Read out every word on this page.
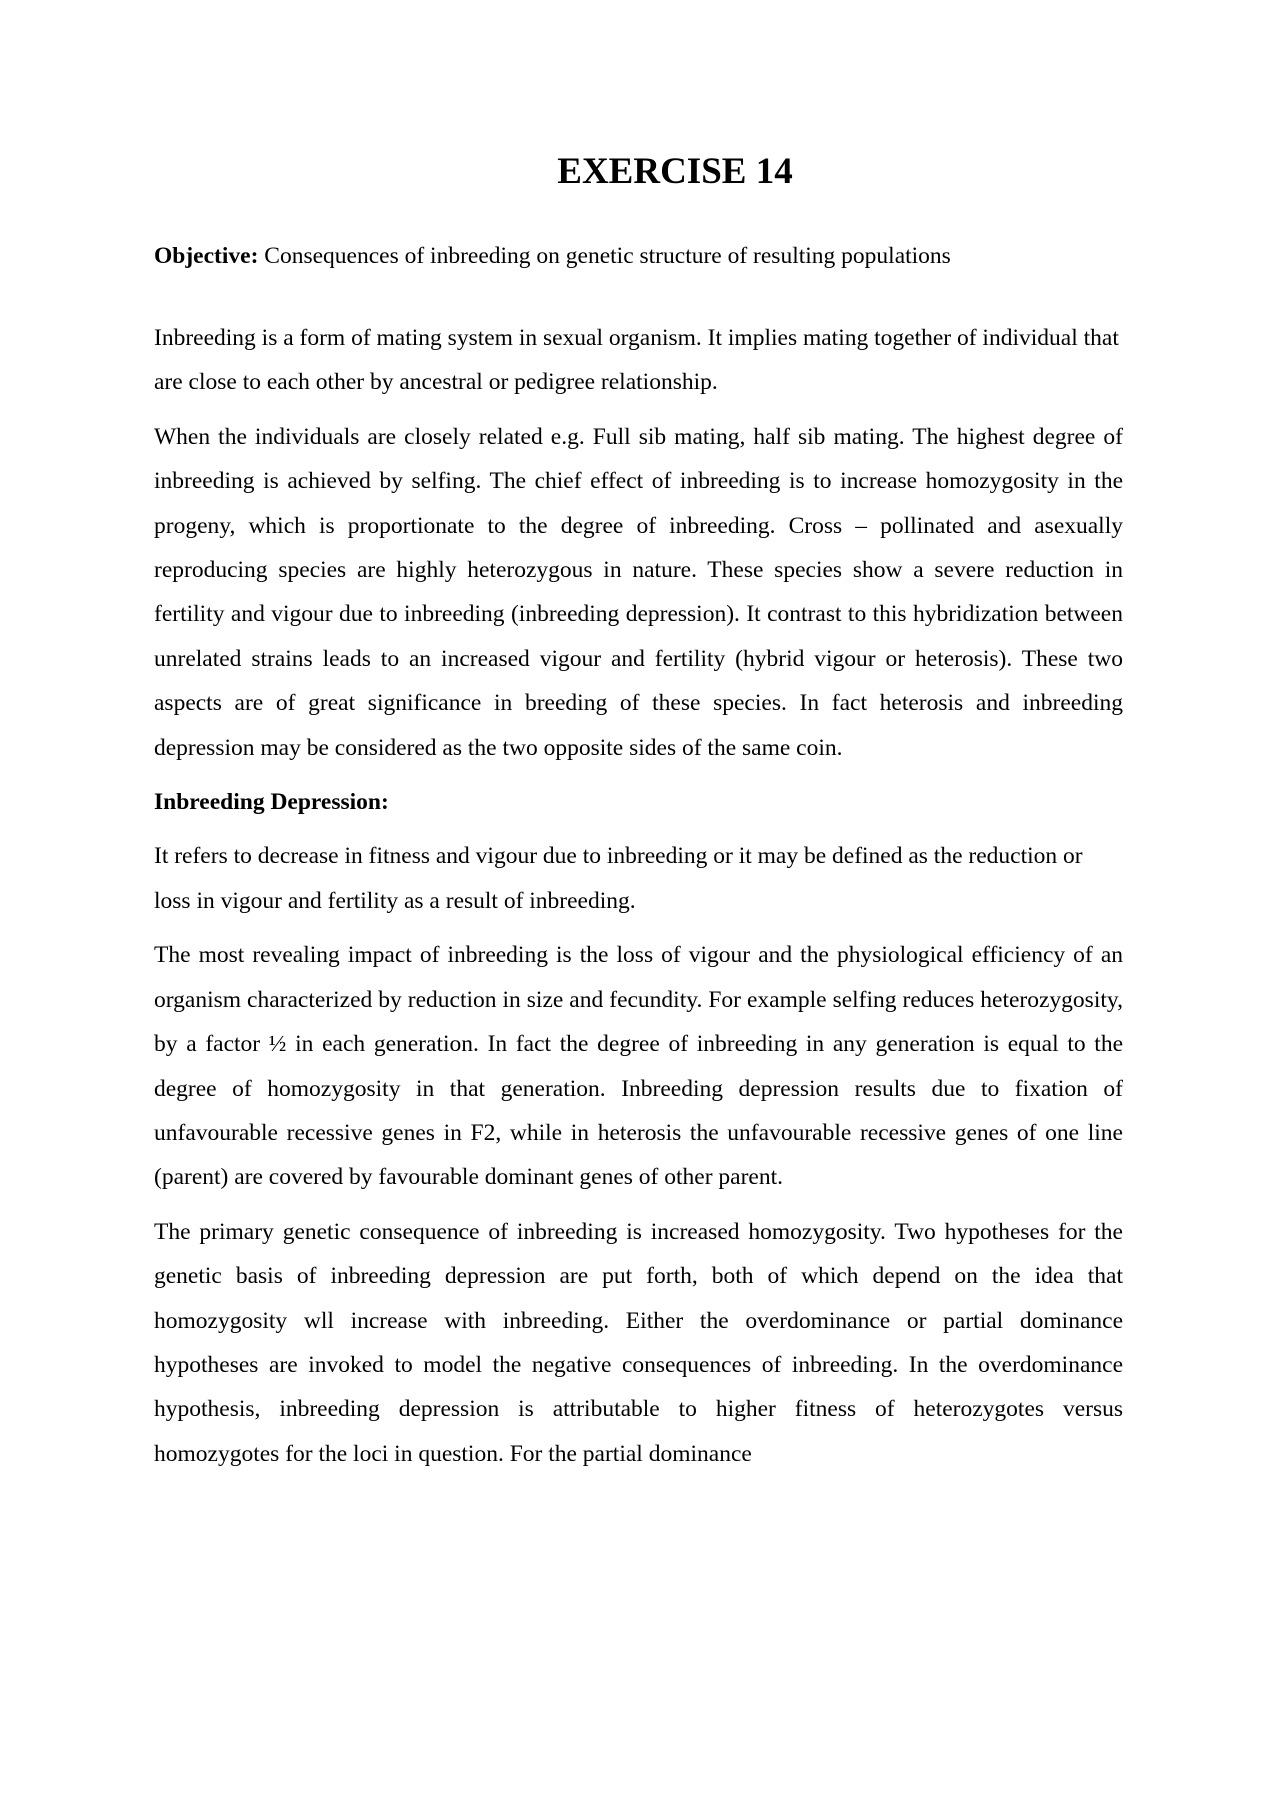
EXERCISE 14

Objective: Consequences of inbreeding on genetic structure of resulting populations

Inbreeding is a form of mating system in sexual organism. It implies mating together of individual that are close to each other by ancestral or pedigree relationship.

When the individuals are closely related e.g. Full sib mating, half sib mating. The highest degree of inbreeding is achieved by selfing. The chief effect of inbreeding is to increase homozygosity in the progeny, which is proportionate to the degree of inbreeding. Cross – pollinated and asexually reproducing species are highly heterozygous in nature. These species show a severe reduction in fertility and vigour due to inbreeding (inbreeding depression). It contrast to this hybridization between unrelated strains leads to an increased vigour and fertility (hybrid vigour or heterosis). These two aspects are of great significance in breeding of these species. In fact heterosis and inbreeding depression may be considered as the two opposite sides of the same coin.

Inbreeding Depression:

It refers to decrease in fitness and vigour due to inbreeding or it may be defined as the reduction or loss in vigour and fertility as a result of inbreeding.

The most revealing impact of inbreeding is the loss of vigour and the physiological efficiency of an organism characterized by reduction in size and fecundity. For example selfing reduces heterozygosity, by a factor ½ in each generation. In fact the degree of inbreeding in any generation is equal to the degree of homozygosity in that generation. Inbreeding depression results due to fixation of unfavourable recessive genes in F2, while in heterosis the unfavourable recessive genes of one line (parent) are covered by favourable dominant genes of other parent.

The primary genetic consequence of inbreeding is increased homozygosity. Two hypotheses for the genetic basis of inbreeding depression are put forth, both of which depend on the idea that homozygosity wll increase with inbreeding. Either the overdominance or partial dominance hypotheses are invoked to model the negative consequences of inbreeding. In the overdominance hypothesis, inbreeding depression is attributable to higher fitness of heterozygotes versus homozygotes for the loci in question. For the partial dominance
